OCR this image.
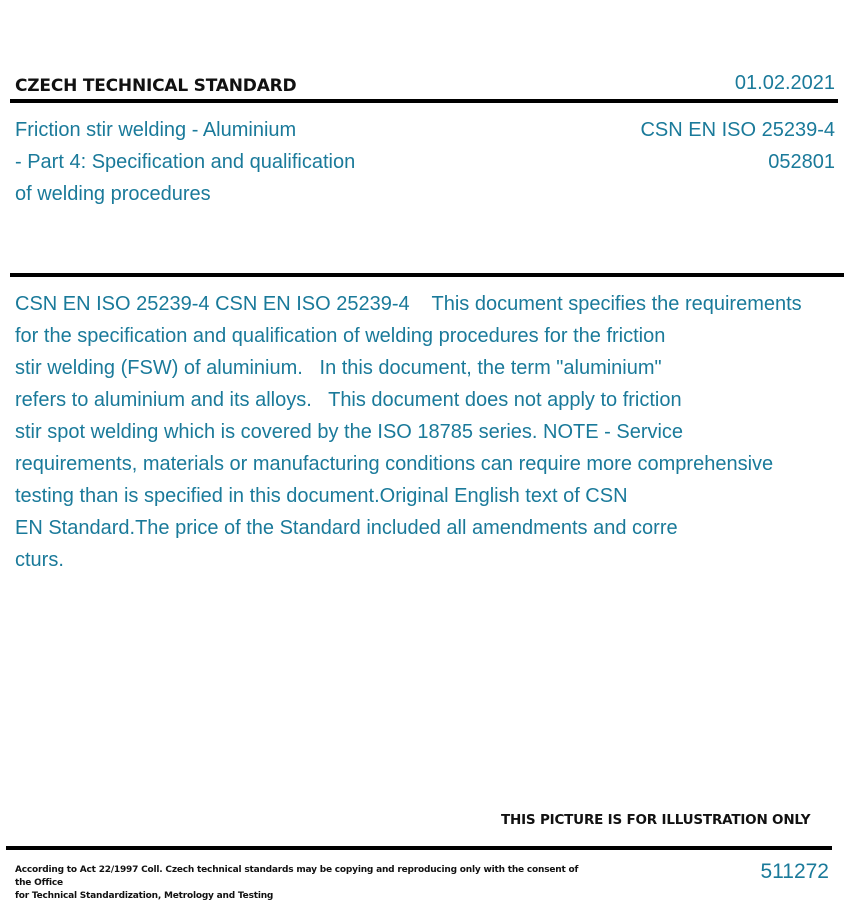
CZECH TECHNICAL STANDARD	01.02.2021
Friction stir welding - Aluminium
- Part 4: Specification and qualification
of welding procedures
CSN EN ISO 25239-4
052801
CSN EN ISO 25239-4 CSN EN ISO 25239-4    This document specifies the requirements
for the specification and qualification of welding procedures for the friction
stir welding (FSW) of aluminium.   In this document, the term "aluminium"
refers to aluminium and its alloys.   This document does not apply to friction
stir spot welding which is covered by the ISO 18785 series. NOTE - Service
requirements, materials or manufacturing conditions can require more comprehensive
testing than is specified in this document.Original English text of CSN
EN Standard.The price of the Standard included all amendments and corre
cturs.
THIS PICTURE IS FOR ILLUSTRATION ONLY
According to Act 22/1997 Coll. Czech technical standards may be copying and reproducing only with the consent of the Office
for Technical Standardization, Metrology and Testing
511272
